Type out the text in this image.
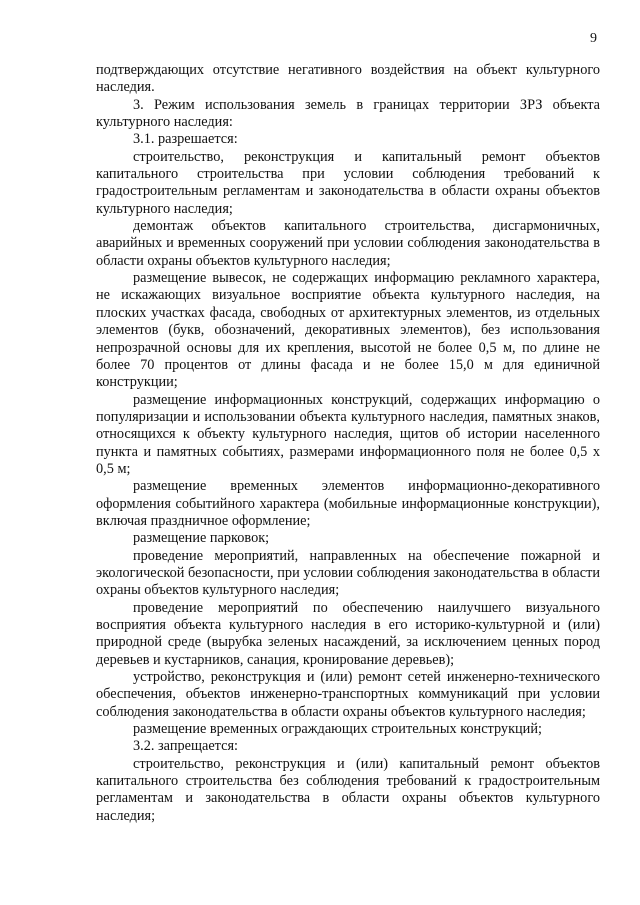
9

подтверждающих отсутствие негативного воздействия на объект культурного наследия.

3. Режим использования земель в границах территории ЗРЗ объекта культурного наследия:

3.1. разрешается:

строительство, реконструкция и капитальный ремонт объектов капитального строительства при условии соблюдения требований к градостроительным регламентам и законодательства в области охраны объектов культурного наследия;

демонтаж объектов капитального строительства, дисгармоничных, аварийных и временных сооружений при условии соблюдения законодательства в области охраны объектов культурного наследия;

размещение вывесок, не содержащих информацию рекламного характера, не искажающих визуальное восприятие объекта культурного наследия, на плоских участках фасада, свободных от архитектурных элементов, из отдельных элементов (букв, обозначений, декоративных элементов), без использования непрозрачной основы для их крепления, высотой не более 0,5 м, по длине не более 70 процентов от длины фасада и не более 15,0 м для единичной конструкции;

размещение информационных конструкций, содержащих информацию о популяризации и использовании объекта культурного наследия, памятных знаков, относящихся к объекту культурного наследия, щитов об истории населенного пункта и памятных событиях, размерами информационного поля не более 0,5 х 0,5 м;

размещение временных элементов информационно-декоративного оформления событийного характера (мобильные информационные конструкции), включая праздничное оформление;

размещение парковок;

проведение мероприятий, направленных на обеспечение пожарной и экологической безопасности, при условии соблюдения законодательства в области охраны объектов культурного наследия;

проведение мероприятий по обеспечению наилучшего визуального восприятия объекта культурного наследия в его историко-культурной и (или) природной среде (вырубка зеленых насаждений, за исключением ценных пород деревьев и кустарников, санация, кронирование деревьев);

устройство, реконструкция и (или) ремонт сетей инженерно-технического обеспечения, объектов инженерно-транспортных коммуникаций при условии соблюдения законодательства в области охраны объектов культурного наследия;

размещение временных ограждающих строительных конструкций;

3.2. запрещается:

строительство, реконструкция и (или) капитальный ремонт объектов капитального строительства без соблюдения требований к градостроительным регламентам и законодательства в области охраны объектов культурного наследия;
